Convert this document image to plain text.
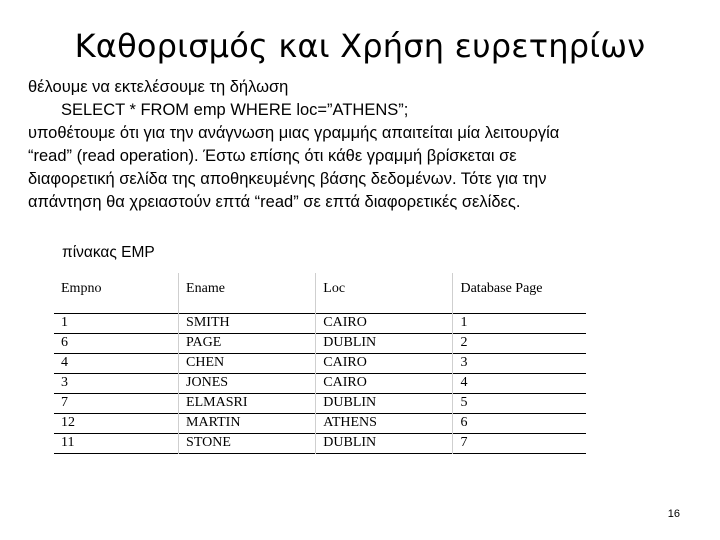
Καθορισμός και Χρήση ευρετηρίων
θέλουμε να εκτελέσουμε τη δήλωση
SELECT * FROM emp WHERE loc=”ATHENS”;
υποθέτουμε ότι για την ανάγνωση μιας γραμμής απαιτείται μία λειτουργία
“read” (read operation). Έστω επίσης ότι κάθε γραμμή βρίσκεται σε
διαφορετική σελίδα της αποθηκευμένης βάσης δεδομένων. Τότε για την
απάντηση θα χρειαστούν επτά “read” σε επτά διαφορετικές σελίδες.
πίνακας EMP
Empno	Ename	Loc	Database Page
1	SMITH	CAIRO	1
6	PAGE	DUBLIN	2
4	CHEN	CAIRO	3
3	JONES	CAIRO	4
7	ELMASRI	DUBLIN	5
12	MARTIN	ATHENS	6
11	STONE	DUBLIN	7
16
